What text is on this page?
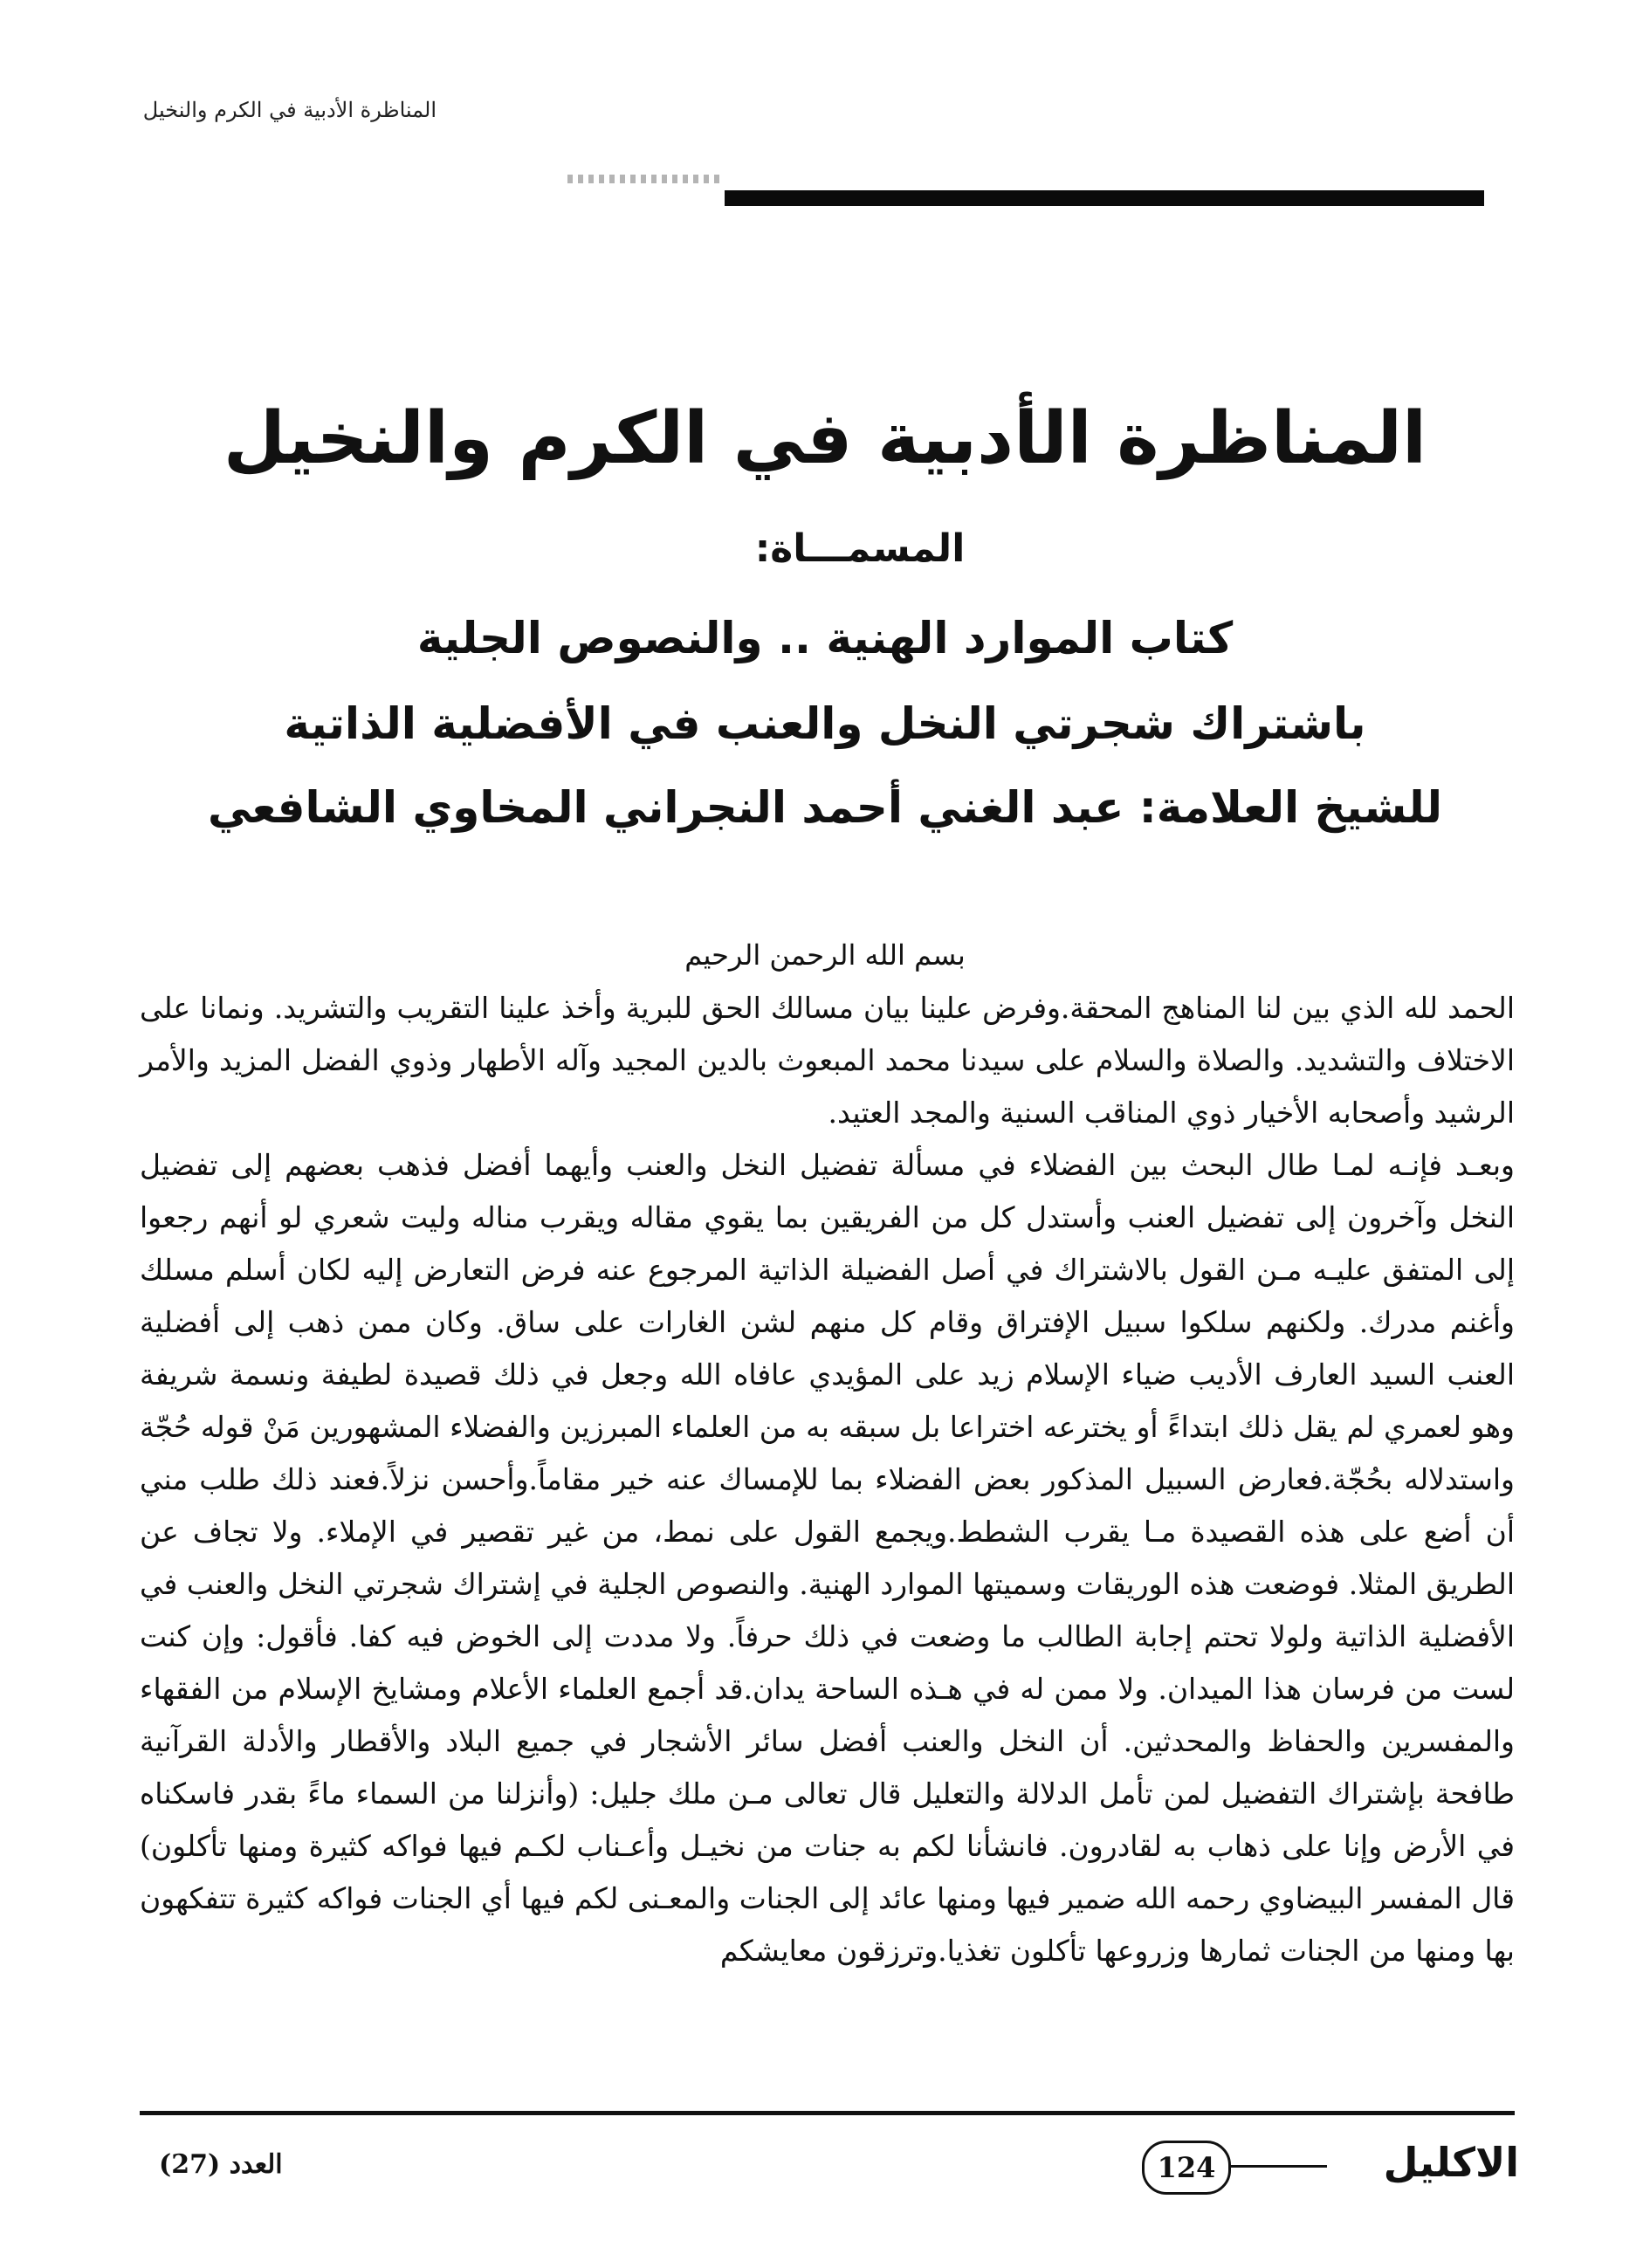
المناظرة الأدبية في الكرم والنخيل
المناظرة الأدبية في الكرم والنخيل
المسمـــاة:
كتاب الموارد الهنية .. والنصوص الجلية
باشتراك شجرتي النخل والعنب في الأفضلية الذاتية
للشيخ العلامة: عبد الغني أحمد النجراني المخاوي الشافعي
بسم الله الرحمن الرحيم

الحمد لله الذي بين لنا المناهج المحقة.وفرض علينا بيان مسالك الحق للبرية وأخذ علينا التقريب والتشريد. ونمانا على الاختلاف والتشديد. والصلاة والسلام على سيدنا محمد المبعوث بالدين المجيد وآله الأطهار وذوي الفضل المزيد والأمر الرشيد وأصحابه الأخيار ذوي المناقب السنية والمجد العتيد.

وبعـد فإنـه لمـا طال البحث بين الفضلاء في مسألة تفضيل النخل والعنب وأيهما أفضل فذهب بعضهم إلى تفضيل النخل وآخرون إلى تفضيل العنب وأستدل كل من الفريقين بما يقوي مقاله ويقرب مناله وليت شعري لو أنهم رجعوا إلى المتفق عليـه مـن القول بالاشتراك في أصل الفضيلة الذاتية المرجوع عنه فرض التعارض إليه لكان أسلم مسلك وأغنم مدرك. ولكنهم سلكوا سبيل الإفتراق وقام كل منهم لشن الغارات على ساق. وكان ممن ذهب إلى أفضلية العنب السيد العارف الأديب ضياء الإسلام زيد على المؤيدي عافاه الله وجعل في ذلك قصيدة لطيفة ونسمة شريفة وهو لعمري لم يقل ذلك ابتداءً أو يخترعه اختراعا بل سبقه به من العلماء المبرزين والفضلاء المشهورين مَنْ قوله حُجّة واستدلاله بحُجّة.فعارض السبيل المذكور بعض الفضلاء بما للإمساك عنه خير مقاماً.وأحسن نزلاً.فعند ذلك طلب مني أن أضع على هذه القصيدة مـا يقرب الشطط.ويجمع القول على نمط، من غير تقصير في الإملاء. ولا تجاف عن الطريق المثلا. فوضعت هذه الوريقات وسميتها الموارد الهنية. والنصوص الجلية في إشتراك شجرتي النخل والعنب في الأفضلية الذاتية ولولا تحتم إجابة الطالب ما وضعت في ذلك حرفاً. ولا مددت إلى الخوض فيه كفا. فأقول: وإن كنت لست من فرسان هذا الميدان. ولا ممن له في هـذه الساحة يدان.قد أجمع العلماء الأعلام ومشايخ الإسلام من الفقهاء والمفسرين والحفاظ والمحدثين. أن النخل والعنب أفضل سائر الأشجار في جميع البلاد والأقطار والأدلة القرآنية طافحة بإشتراك التفضيل لمن تأمل الدلالة والتعليل قال تعالى مـن ملك جليل: (وأنزلنا من السماء ماءً بقدر فاسكناه في الأرض وإنا على ذهاب به لقادرون. فانشأنا لكم به جنات من نخيـل وأعـناب لكـم فيها فواكه كثيرة ومنها تأكلون) قال المفسر البيضاوي رحمه الله ضمير فيها ومنها عائد إلى الجنات والمعـنى لكم فيها أي الجنات فواكه كثيرة تتفكهون بها ومنها من الجنات ثمارها وزروعها تأكلون تغذيا.وترزقون معايشكم

الاكليل
124
العدد (27)
